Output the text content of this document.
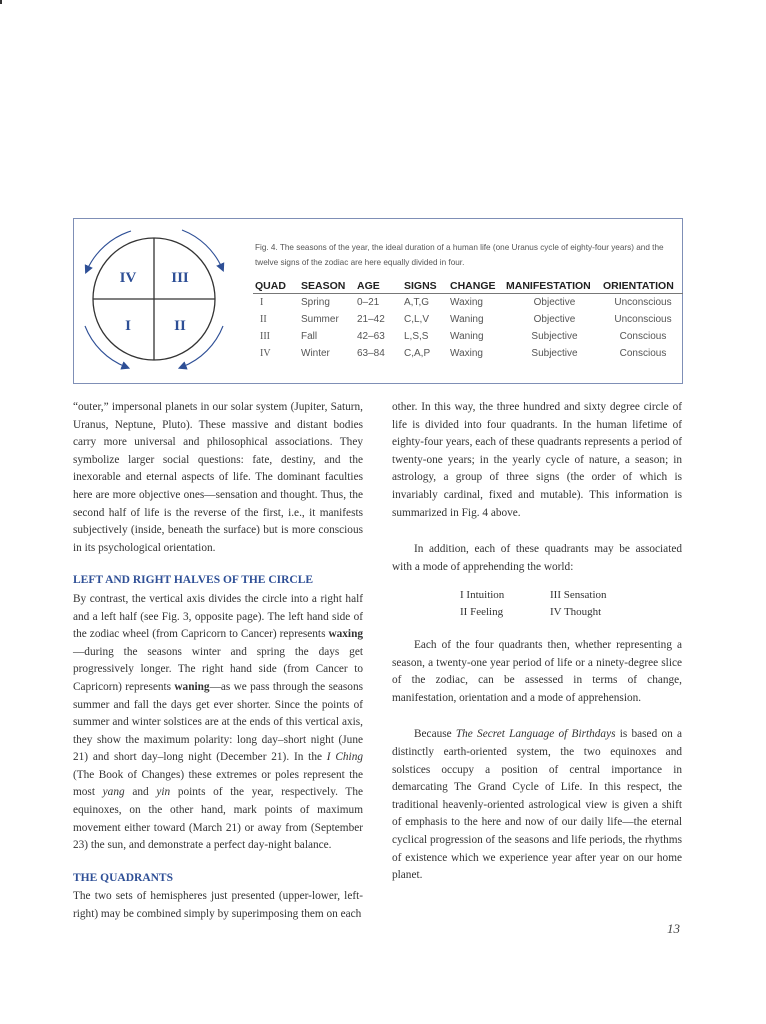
IV III
I	II
Fig. 4. The seasons of the year, the ideal duration of a human life (one Uranus cycle of eighty-four years) and the
twelve signs of the zodiac are here equally divided in four.
QUAD	SEASON	AGE	SIGNS	CHANGE	MANIFESTATION	ORIENTATION
I	Spring	0–21	A,T,G	Waxing	Objective	Unconscious
II	Summer	21–42	C,L,V	Waning	Objective	Unconscious
III	Fall	42–63	L,S,S	Waning	Subjective	Conscious
IV	Winter	63–84	C,A,P	Waxing	Subjective	Conscious

“outer,” impersonal planets in our solar system (Jupiter, Saturn, Uranus, Neptune, Pluto). These massive and distant bodies carry more universal and philosophical associations. They symbolize larger social questions: fate, destiny, and the inexorable and eternal aspects of life. The dominant faculties here are more objective ones—sensation and thought. Thus, the second half of life is the reverse of the first, i.e., it manifests subjectively (inside, beneath the surface) but is more conscious in its psychological orientation.

LEFT AND RIGHT HALVES OF THE CIRCLE

By contrast, the vertical axis divides the circle into a right half and a left half (see Fig. 3, opposite page). The left hand side of the zodiac wheel (from Capricorn to Cancer) represents waxing—during the seasons winter and spring the days get progressively longer. The right hand side (from Cancer to Capricorn) represents waning—as we pass through the seasons summer and fall the days get ever shorter. Since the points of summer and winter solstices are at the ends of this vertical axis, they show the maximum polarity: long day–short night (June 21) and short day–long night (December 21). In the I Ching (The Book of Changes) these extremes or poles represent the most yang and yin points of the year, respectively. The equinoxes, on the other hand, mark points of maximum movement either toward (March 21) or away from (September 23) the sun, and demonstrate a perfect day-night balance.

THE QUADRANTS

The two sets of hemispheres just presented (upper-lower, left-right) may be combined simply by superimposing them on each

other. In this way, the three hundred and sixty degree circle of life is divided into four quadrants. In the human lifetime of eighty-four years, each of these quadrants represents a period of twenty-one years; in the yearly cycle of nature, a season; in astrology, a group of three signs (the order of which is invariably cardinal, fixed and mutable). This information is summarized in Fig. 4 above.

In addition, each of these quadrants may be associated with a mode of apprehending the world:

I Intuition	III Sensation
II Feeling	IV Thought

Each of the four quadrants then, whether representing a season, a twenty-one year period of life or a ninety-degree slice of the zodiac, can be assessed in terms of change, manifestation, orientation and a mode of apprehension.

Because The Secret Language of Birthdays is based on a distinctly earth-oriented system, the two equinoxes and solstices occupy a position of central importance in demarcating The Grand Cycle of Life. In this respect, the traditional heavenly-oriented astrological view is given a shift of emphasis to the here and now of our daily life—the eternal cyclical progression of the seasons and life periods, the rhythms of existence which we experience year after year on our home planet.

13
